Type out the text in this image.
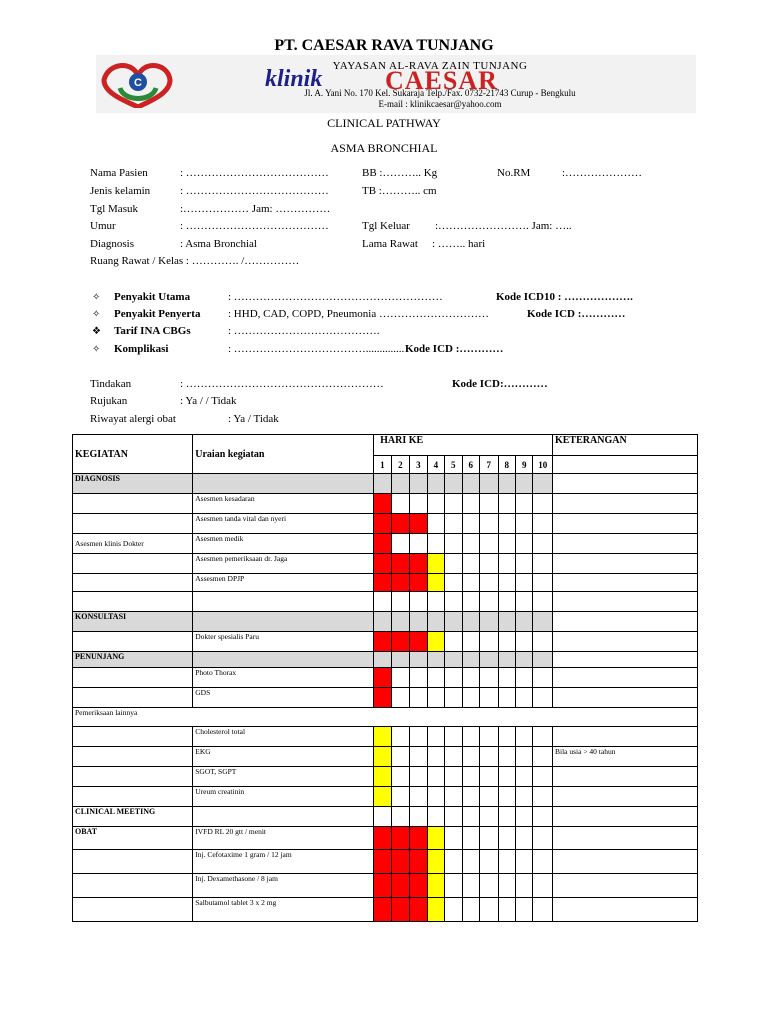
PT. CAESAR RAVA TUNJANG
C
YAYASAN AL-RAVA ZAIN TUNJANG
klinik CAESAR
Jl. A. Yani No. 170 Kel. Sukaraja Telp./Fax. 0732-21743 Curup - Bengkulu
E-mail : klinikcaesar@yahoo.com
CLINICAL PATHWAY
ASMA BRONCHIAL
Nama Pasien	: …………………………………	BB :……….. Kg	No.RM	:…………………
Jenis kelamin	: …………………………………	TB :……….. cm
Tgl Masuk	:……………… Jam: ……………
Umur	: …………………………………	Tgl Keluar :……………………. Jam: …..
Diagnosis	: Asma Bronchial	Lama Rawat : …….. hari
Ruang Rawat / Kelas : …………. /……………
✧ Penyakit Utama	: …………………………………………………	Kode ICD10 : ……………….
✧ Penyakit Penyerta	: HHD, CAD, COPD, Pneumonia …………………………	Kode ICD :…………
❖ Tarif INA CBGs	: ………………………………….
✧ Komplikasi	: ……………………………….............. Kode ICD :…………
Tindakan	: ………………………………………………	Kode ICD:…………
Rujukan	: Ya / / Tidak
Riwayat alergi obat	: Ya / Tidak
KEGIATAN	Uraian kegiatan	HARI KE										KETERANGAN
		1	2	3	4	5	6	7	8	9	10	
DIAGNOSIS												
	Asesmen kesadaran											
	Asesmen tanda vital dan nyeri											
Asesmen klinis Dokter	Asesmen medik											
	Asesmen pemeriksaan dr. Jaga											
	Assesmen DPJP											

KONSULTASI												
	Dokter spesialis Paru											
PENUNJANG												
	Photo Thorax											
	GDS											
Pemeriksaan lainnya												
	Cholesterol total											
	EKG											Bila usia > 40 tahun
	SGOT, SGPT											
	Ureum creatinin											
CLINICAL MEETING												
OBAT	IVFD RL 20 gtt / menit											
	Inj. Cefotaxime 1 gram / 12 jam											
	Inj. Dexamethasone / 8 jam											
	Salbutamol tablet 3 x 2 mg											
